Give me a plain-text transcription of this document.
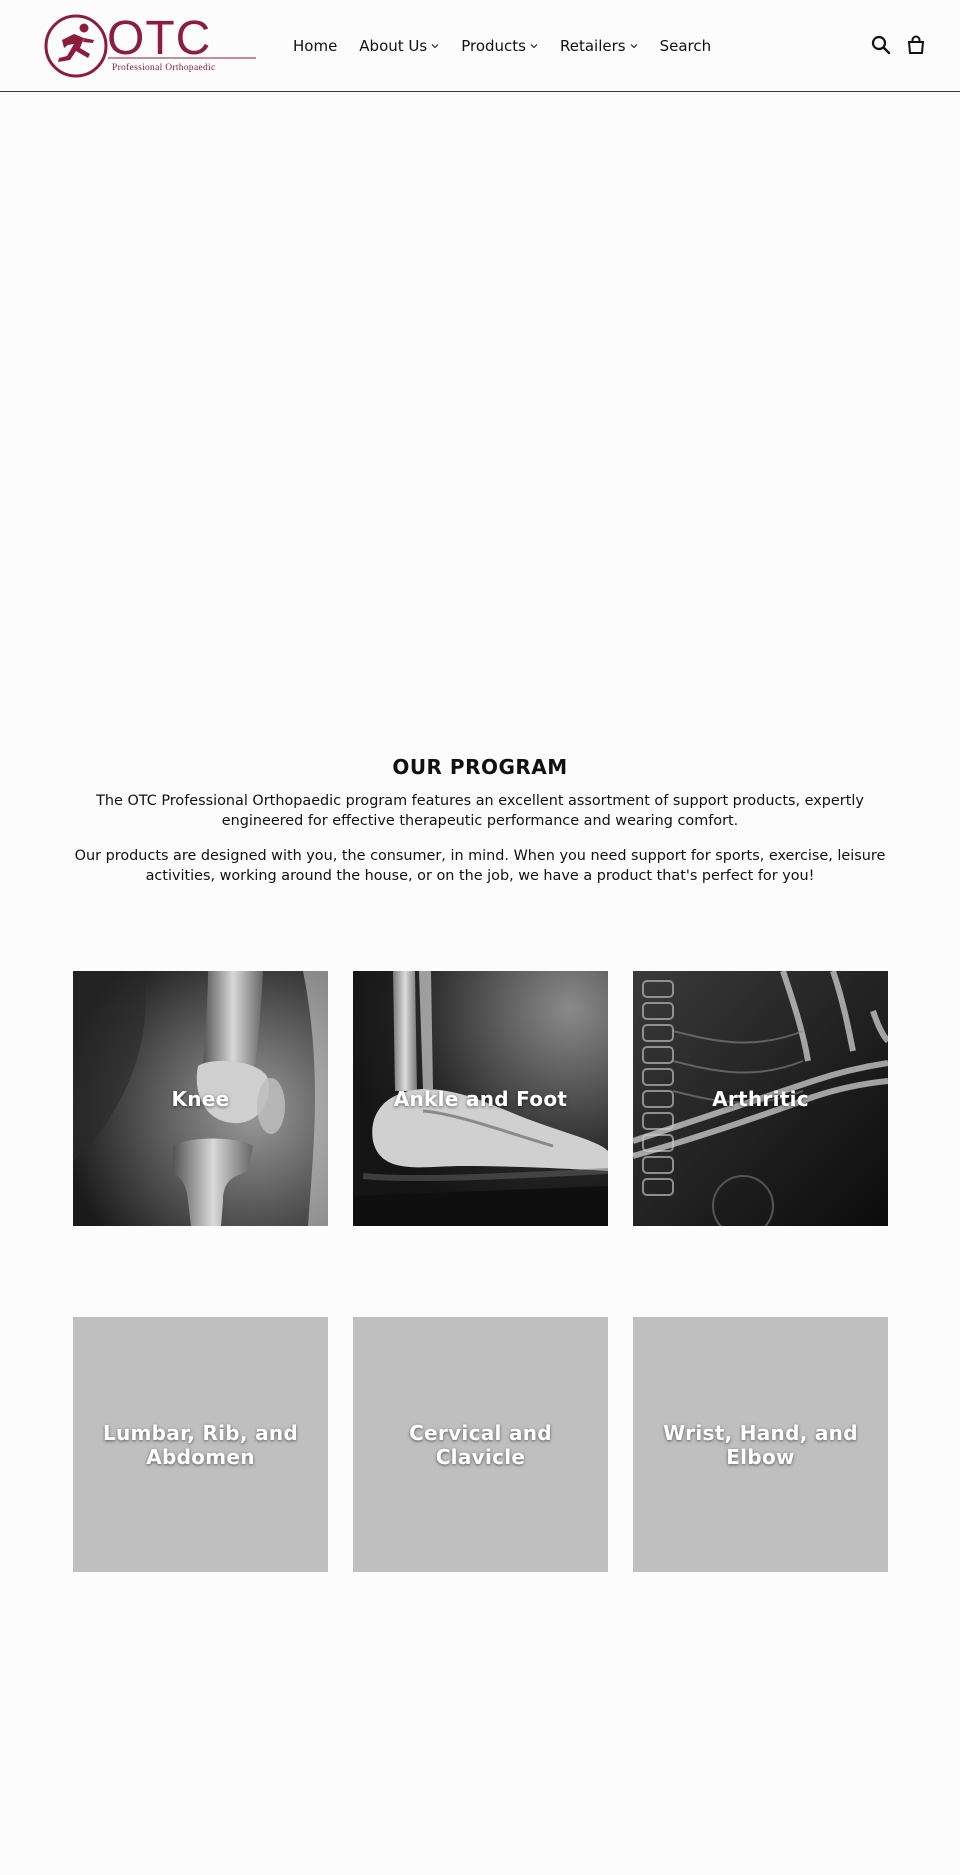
OTC
Professional Orthopaedic
Home About Us Products Retailers Search
OUR PROGRAM

The OTC Professional Orthopaedic program features an excellent assortment of support products, expertly engineered for effective therapeutic performance and wearing comfort.

Our products are designed with you, the consumer, in mind. When you need support for sports, exercise, leisure activities, working around the house, or on the job, we have a product that's perfect for you!

Knee	Ankle and Foot	Arthritic
Lumbar, Rib, and Abdomen
Cervical and Clavicle
Wrist, Hand, and Elbow
